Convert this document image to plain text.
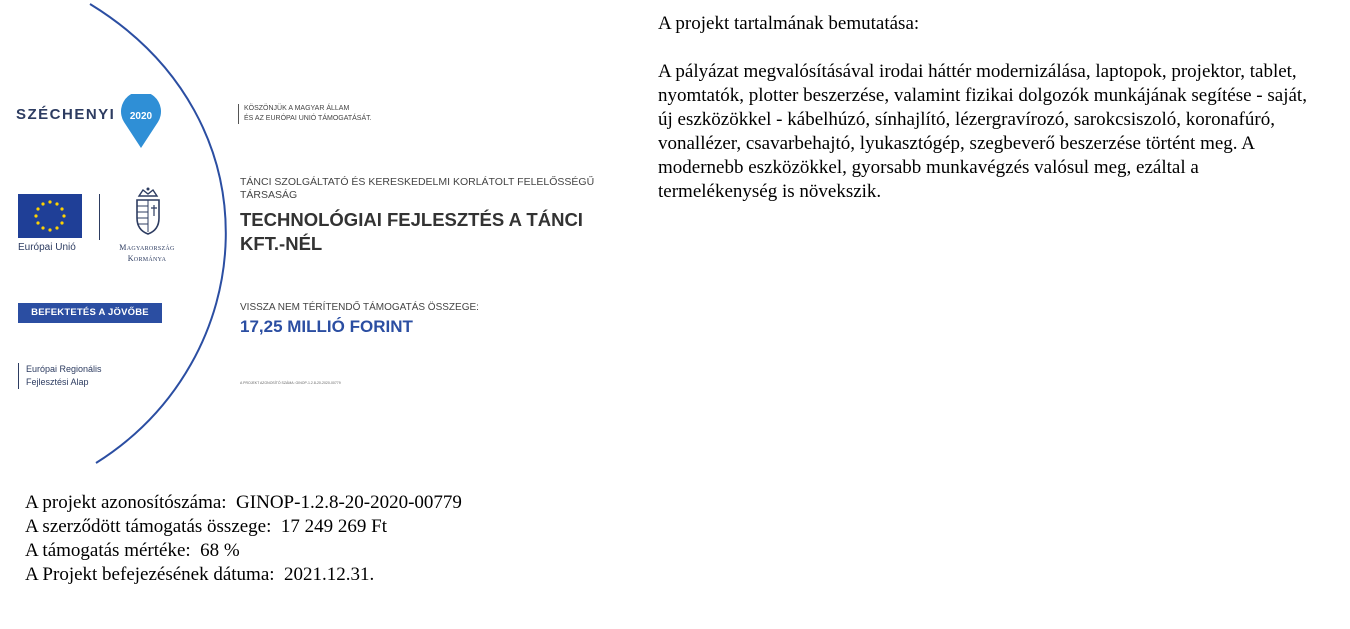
SZÉCHENYI 2020
Európai Unió	Magyarország
Kormánya
BEFEKTETÉS A JÖVŐBE
Európai Regionális
Fejlesztési Alap
KÖSZÖNJÜK A MAGYAR ÁLLAM
ÉS AZ EURÓPAI UNIÓ TÁMOGATÁSÁT.
TÁNCI SZOLGÁLTATÓ ÉS KERESKEDELMI KORLÁTOLT FELELŐSSÉGŰ TÁRSASÁG
TECHNOLÓGIAI FEJLESZTÉS A TÁNCI KFT.-NÉL
VISSZA NEM TÉRÍTENDŐ TÁMOGATÁS ÖSSZEGE:
17,25 MILLIÓ FORINT
A PROJEKT AZONOSÍTÓ SZÁMA: GINOP-1.2.8-20-2020-00779
A projekt azonosítószáma:  GINOP-1.2.8-20-2020-00779
A szerződött támogatás összege:  17 249 269 Ft
A támogatás mértéke:  68 %
A Projekt befejezésének dátuma:  2021.12.31.

A projekt tartalmának bemutatása:

A pályázat megvalósításával irodai háttér modernizálása, laptopok, projektor, tablet, nyomtatók, plotter beszerzése, valamint fizikai dolgozók munkájának segítése - saját, új eszközökkel - kábelhúzó, sínhajlító, lézergravírozó, sarokcsiszoló, koronafúró, vonallézer, csavarbehajtó, lyukasztógép, szegbeverő beszerzése történt meg. A modernebb eszközökkel, gyorsabb munkavégzés valósul meg, ezáltal a termelékenység is növekszik.
